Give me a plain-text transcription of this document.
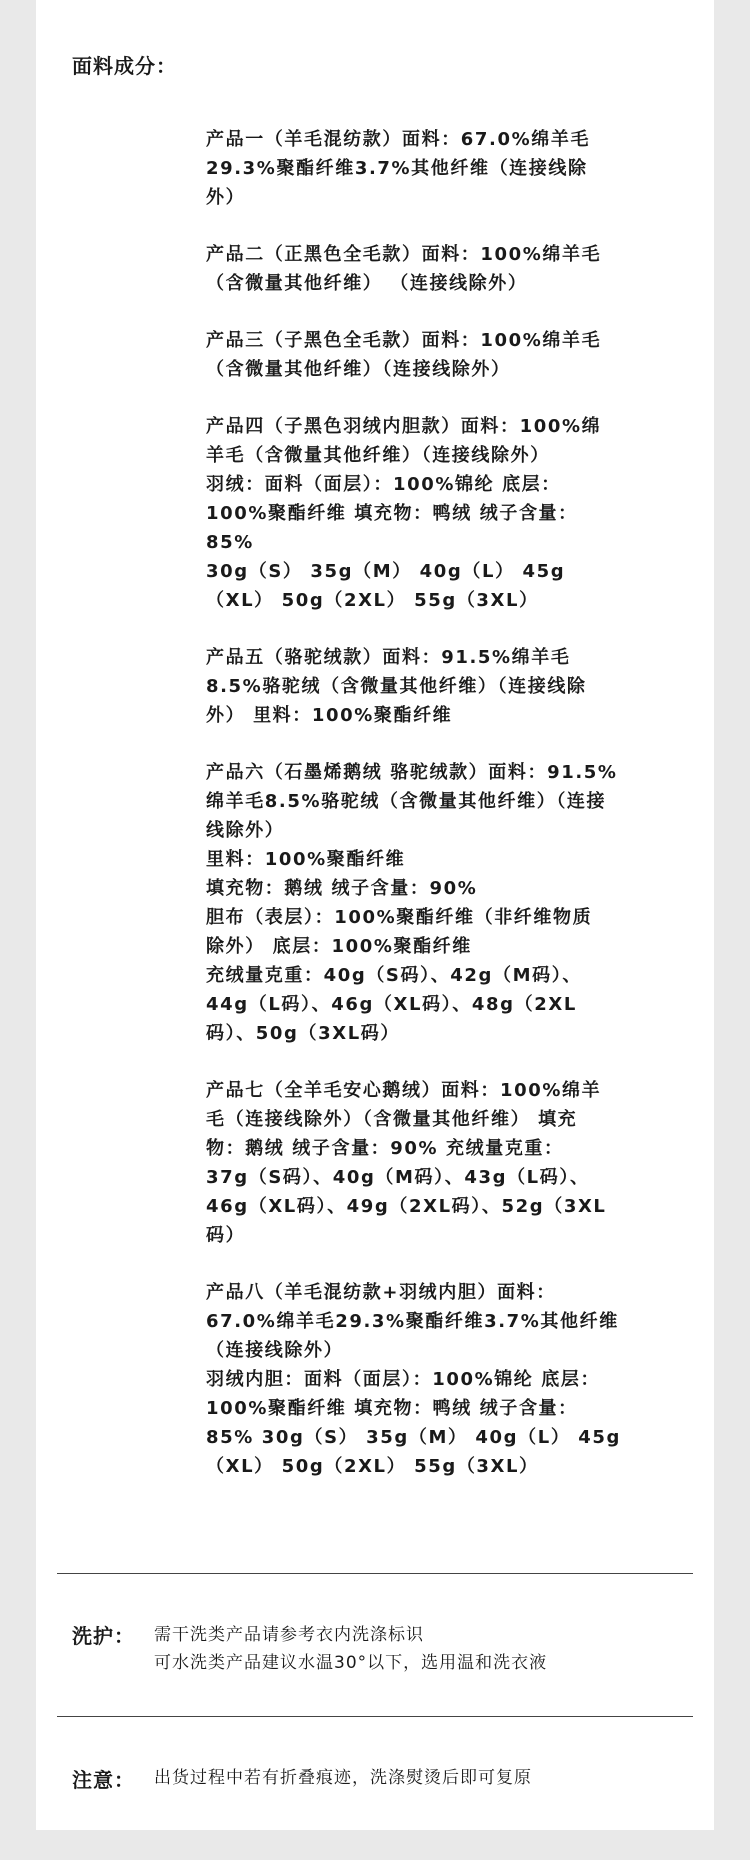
面料成分：
产品一（羊毛混纺款）面料：67.0%绵羊毛
29.3%聚酯纤维3.7%其他纤维（连接线除
外）
产品二（正黑色全毛款）面料：100%绵羊毛
（含微量其他纤维） （连接线除外）
产品三（子黑色全毛款）面料：100%绵羊毛
（含微量其他纤维）（连接线除外）
产品四（子黑色羽绒内胆款）面料：100%绵
羊毛（含微量其他纤维）（连接线除外）
羽绒：面料（面层）：100%锦纶 底层：
100%聚酯纤维 填充物：鸭绒 绒子含量：
85%
30g（S） 35g（M） 40g（L） 45g
（XL） 50g（2XL） 55g（3XL）
产品五（骆驼绒款）面料：91.5%绵羊毛
8.5%骆驼绒（含微量其他纤维）（连接线除
外） 里料：100%聚酯纤维
产品六（石墨烯鹅绒 骆驼绒款）面料：91.5%
绵羊毛8.5%骆驼绒（含微量其他纤维）（连接
线除外）
里料：100%聚酯纤维
填充物：鹅绒 绒子含量：90%
胆布（表层）：100%聚酯纤维（非纤维物质
除外） 底层：100%聚酯纤维
充绒量克重：40g（S码）、42g（M码）、
44g（L码）、46g（XL码）、48g（2XL
码）、50g（3XL码）
产品七（全羊毛安心鹅绒）面料：100%绵羊
毛（连接线除外）（含微量其他纤维） 填充
物：鹅绒 绒子含量：90% 充绒量克重：
37g（S码）、40g（M码）、43g（L码）、
46g（XL码）、49g（2XL码）、52g（3XL
码）
产品八（羊毛混纺款+羽绒内胆）面料：
67.0%绵羊毛29.3%聚酯纤维3.7%其他纤维
（连接线除外）
羽绒内胆：面料（面层）：100%锦纶 底层：
100%聚酯纤维 填充物：鸭绒 绒子含量：
85% 30g（S） 35g（M） 40g（L） 45g
（XL） 50g（2XL） 55g（3XL）
洗护： 需干洗类产品请参考衣内洗涤标识
可水洗类产品建议水温30°以下，选用温和洗衣液
注意： 出货过程中若有折叠痕迹，洗涤熨烫后即可复原
